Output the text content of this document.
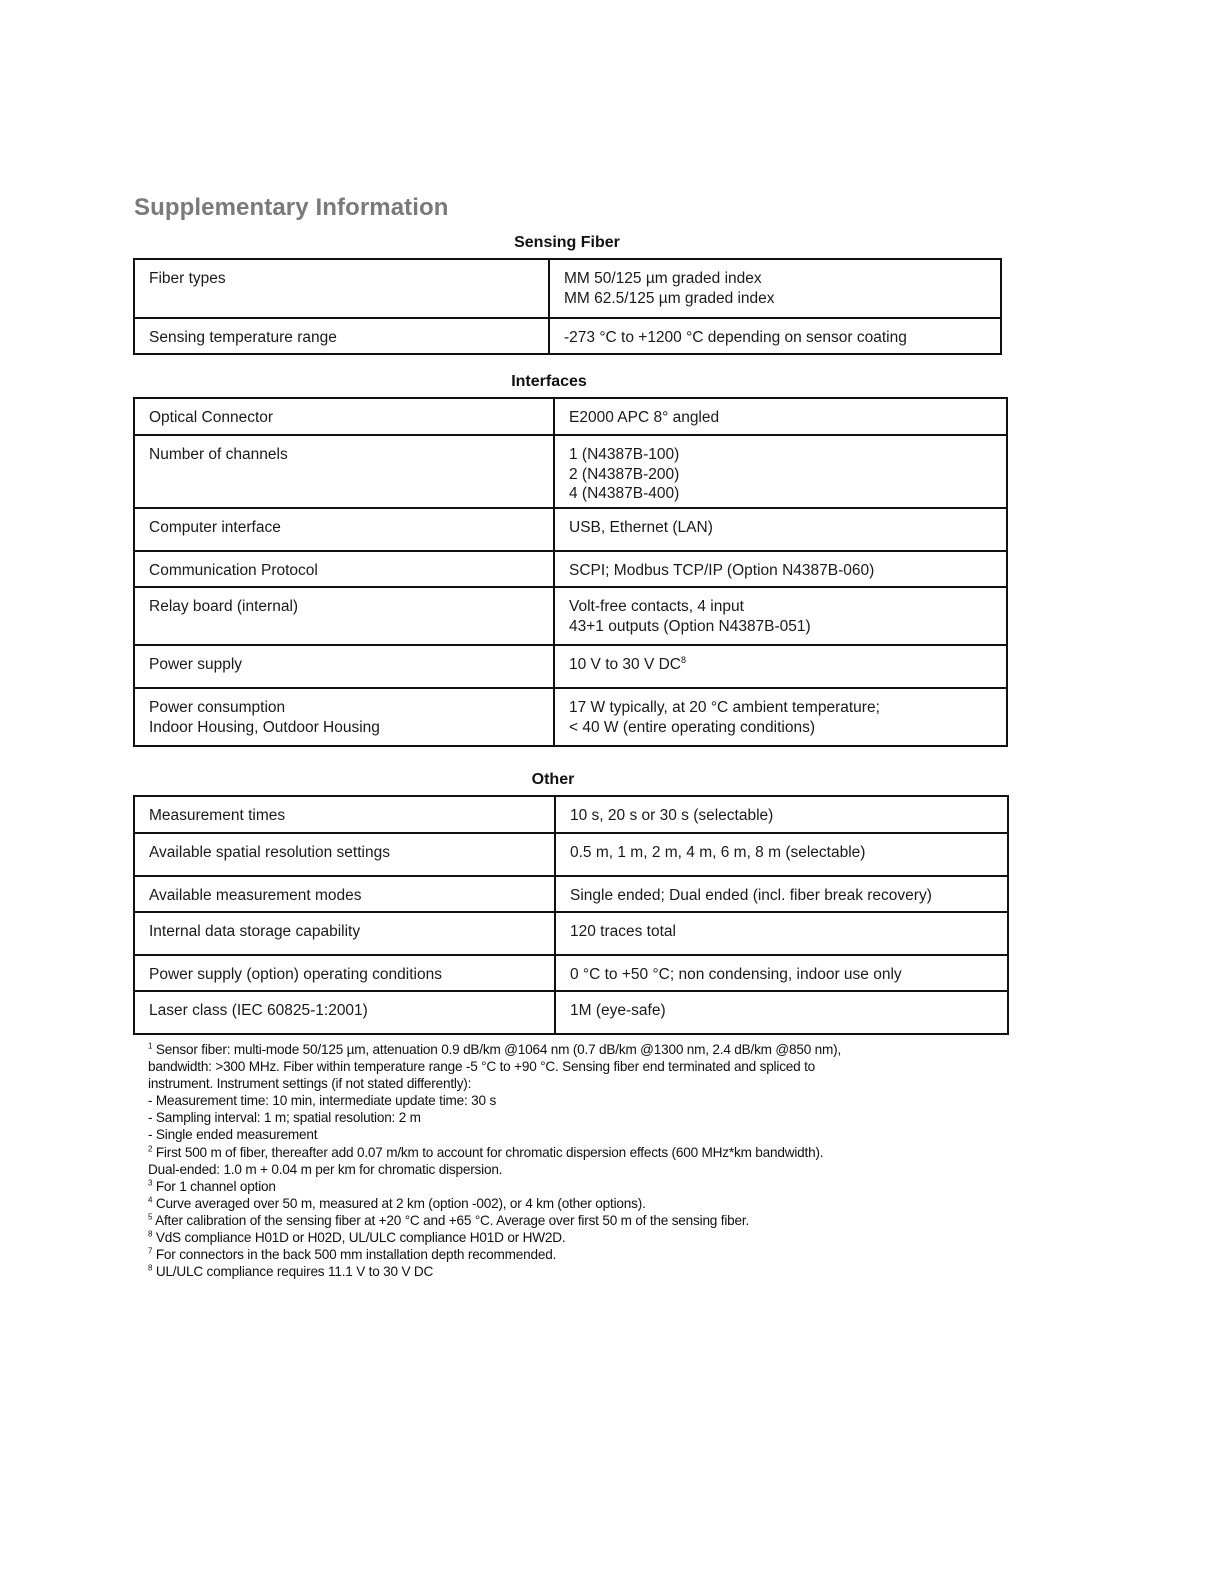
Supplementary Information
Sensing Fiber
Fiber types	MM 50/125 µm graded index
MM 62.5/125 µm graded index

Sensing temperature range	-273 °C to +1200 °C depending on sensor coating
Interfaces
Optical Connector	E2000 APC 8° angled

Number of channels	1 (N4387B-100)
2 (N4387B-200)
4 (N4387B-400)

Computer interface	USB, Ethernet (LAN)

Communication Protocol	SCPI; Modbus TCP/IP (Option N4387B-060)

Relay board (internal)	Volt-free contacts, 4 input
43+1 outputs (Option N4387B-051)

Power supply	10 V to 30 V $DC^8$

Power consumption
Indoor Housing, Outdoor Housing	17 W typically, at 20 °C ambient temperature;
< 40 W (entire operating conditions)
Other
Measurement times	10 s, 20 s or 30 s (selectable)

Available spatial resolution settings	0.5 m, 1 m, 2 m, 4 m, 6 m, 8 m (selectable)

Available measurement modes	Single ended; Dual ended (incl. fiber break recovery)

Internal data storage capability	120 traces total

Power supply (option) operating conditions	0 °C to +50 °C; non condensing, indoor use only

Laser class (IEC 60825-1:2001)	1M (eye-safe)
$^1$ Sensor fiber: multi-mode 50/125 µm, attenuation 0.9 dB/km @1064 nm (0.7 dB/km @1300 nm, 2.4 dB/km @850 nm),
bandwidth: >300 MHz. Fiber within temperature range -5 °C to +90 °C. Sensing fiber end terminated and spliced to
instrument. Instrument settings (if not stated differently):
- Measurement time: 10 min, intermediate update time: 30 s
- Sampling interval: 1 m; spatial resolution: 2 m
- Single ended measurement
$^2$ First 500 m of fiber, thereafter add 0.07 m/km to account for chromatic dispersion effects (600 MHz*km bandwidth).
Dual-ended: 1.0 m + 0.04 m per km for chromatic dispersion.
$^3$ For 1 channel option
$^4$ Curve averaged over 50 m, measured at 2 km (option -002), or 4 km (other options).
$^5$ After calibration of the sensing fiber at +20 °C and +65 °C. Average over first 50 m of the sensing fiber.
$^8$ VdS compliance H01D or H02D, UL/ULC compliance H01D or HW2D.
$^7$ For connectors in the back 500 mm installation depth recommended.
$^8$ UL/ULC compliance requires 11.1 V to 30 V DC
